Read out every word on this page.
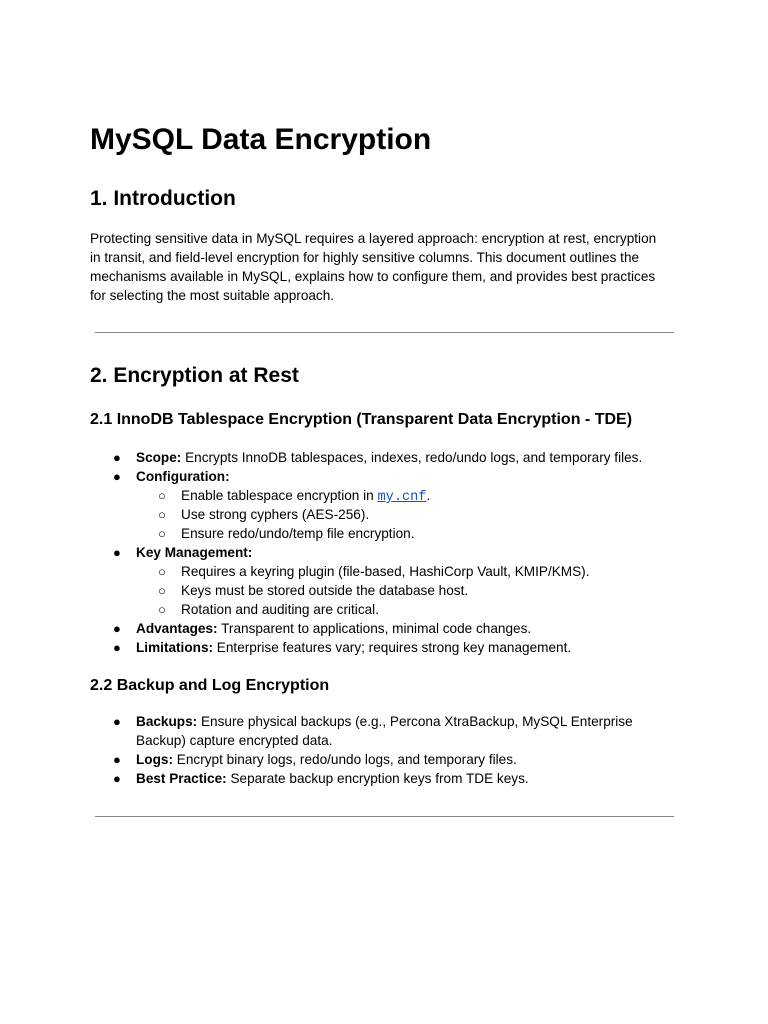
MySQL Data Encryption
1. Introduction

Protecting sensitive data in MySQL requires a layered approach: encryption at rest, encryption
in transit, and field-level encryption for highly sensitive columns. This document outlines the
mechanisms available in MySQL, explains how to configure them, and provides best practices
for selecting the most suitable approach.

2. Encryption at Rest
2.1 InnoDB Tablespace Encryption (Transparent Data Encryption - TDE)
● Scope: Encrypts InnoDB tablespaces, indexes, redo/undo logs, and temporary files.
● Configuration:
○ Enable tablespace encryption in my.cnf.
○ Use strong cyphers (AES-256).
○ Ensure redo/undo/temp file encryption.
● Key Management:
○ Requires a keyring plugin (file-based, HashiCorp Vault, KMIP/KMS).
○ Keys must be stored outside the database host.
○ Rotation and auditing are critical.
● Advantages: Transparent to applications, minimal code changes.
● Limitations: Enterprise features vary; requires strong key management.
2.2 Backup and Log Encryption
● Backups: Ensure physical backups (e.g., Percona XtraBackup, MySQL Enterprise
Backup) capture encrypted data.
● Logs: Encrypt binary logs, redo/undo logs, and temporary files.
● Best Practice: Separate backup encryption keys from TDE keys.
